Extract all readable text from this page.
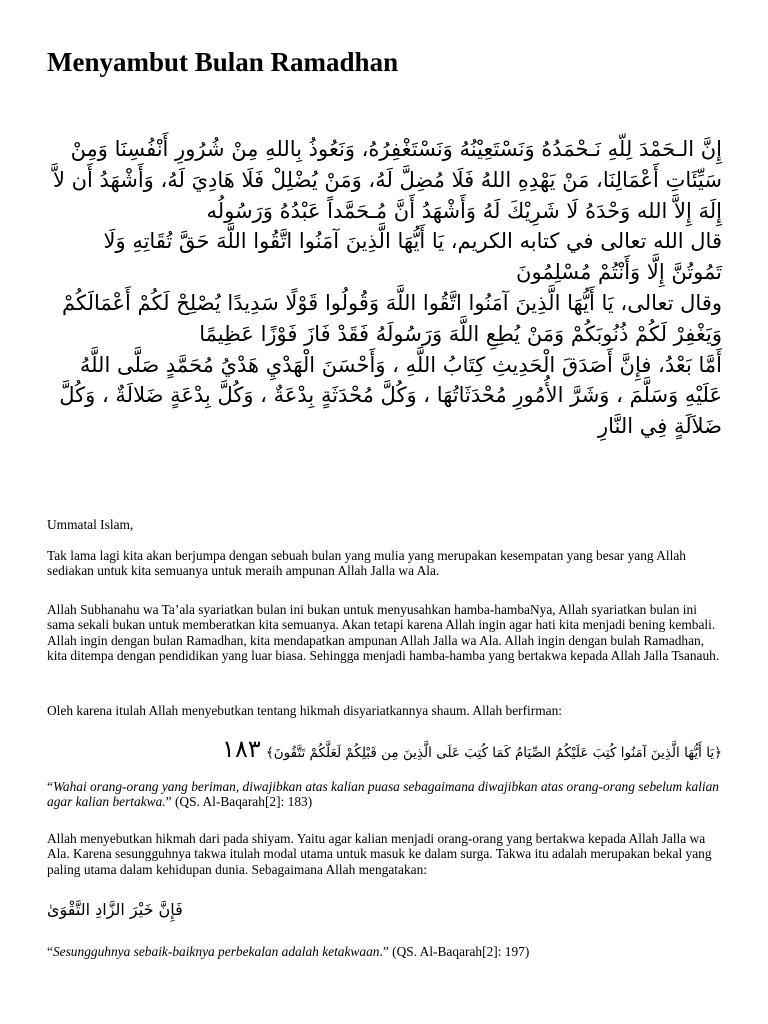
Menyambut Bulan Ramadhan

إِنَّ الـحَمْدَ لِلّهِ نَـحْمَدُهُ وَنَسْتَعِيْنُهُ وَنَسْتَغْفِرُهُ، وَنَعُوذُ بِاللهِ مِنْ شُرُورِ أَنْفُسِنَا وَمِنْ سَيِّئَاتِ أَعْمَالِنَا، مَنْ يَهْدِهِ اللهُ فَلَا مُضِلَّ لَهُ، وَمَنْ يُضْلِلْ فَلَا هَادِيَ لَهُ، وَأَشْهَدُ أَن لاَّ إِلَهَ إِلاَّ الله وَحْدَهُ لَا شَرِيْكَ لَهُ وَأَشْهَدُ أَنَّ مُـحَمَّداً عَبْدُهُ وَرَسُولُه

قال الله تعالى في كتابه الكريم، يَا أَيُّهَا الَّذِينَ آمَنُوا اتَّقُوا اللَّهَ حَقَّ تُقَاتِهِ وَلَا تَمُوتُنَّ إِلَّا وَأَنْتُمْ مُسْلِمُونَ

وقال تعالى، يَا أَيُّهَا الَّذِينَ آمَنُوا اتَّقُوا اللَّهَ وَقُولُوا قَوْلًا سَدِيدًا يُصْلِحْ لَكُمْ أَعْمَالَكُمْ وَيَغْفِرْ لَكُمْ ذُنُوبَكُمْ وَمَنْ يُطِعِ اللَّهَ وَرَسُولَهُ فَقَدْ فَازَ فَوْزًا عَظِيمًا

أَمَّا بَعْدُ، فإِنَّ أَصَدَقَ الْحَدِيثِ كِتَابُ اللَّهِ ، وَأَحْسَنَ الْهَدْيِ هَدْيُ مُحَمَّدٍ صَلَّى اللَّهُ عَلَيْهِ وَسَلَّمَ ، وَشَرَّ الأُمُورِ مُحْدَثَاتُهَا ، وَكُلَّ مُحْدَثَةٍ بِدْعَةٌ ، وَكُلَّ بِدْعَةٍ ضَلالَةٌ ، وَكُلَّ ضَلاَلَةٍ فِي النَّارِ

Ummatal Islam,

Tak lama lagi kita akan berjumpa dengan sebuah bulan yang mulia yang merupakan kesempatan yang besar yang Allah sediakan untuk kita semuanya untuk meraih ampunan Allah Jalla wa Ala.

Allah Subhanahu wa Ta’ala syariatkan bulan ini bukan untuk menyusahkan hamba-hambaNya, Allah syariatkan bulan ini sama sekali bukan untuk memberatkan kita semuanya. Akan tetapi karena Allah ingin agar hati kita menjadi bening kembali. Allah ingin dengan bulan Ramadhan, kita mendapatkan ampunan Allah Jalla wa Ala. Allah ingin dengan bulah Ramadhan, kita ditempa dengan pendidikan yang luar biasa. Sehingga menjadi hamba-hamba yang bertakwa kepada Allah Jalla Tsanauh.

Oleh karena itulah Allah menyebutkan tentang hikmah disyariatkannya shaum. Allah berfirman:

﴿يَا أَيُّهَا الَّذِينَ آمَنُوا كُتِبَ عَلَيْكُمُ الصِّيَامُ كَمَا كُتِبَ عَلَى الَّذِينَ مِن قَبْلِكُمْ لَعَلَّكُمْ تَتَّقُونَ﴾ ١٨٣

“Wahai orang-orang yang beriman, diwajibkan atas kalian puasa sebagaimana diwajibkan atas orang-orang sebelum kalian agar kalian bertakwa.” (QS. Al-Baqarah[2]: 183)

Allah menyebutkan hikmah dari pada shiyam. Yaitu agar kalian menjadi orang-orang yang bertakwa kepada Allah Jalla wa Ala. Karena sesungguhnya takwa itulah modal utama untuk masuk ke dalam surga. Takwa itu adalah merupakan bekal yang paling utama dalam kehidupan dunia. Sebagaimana Allah mengatakan:

فَإِنَّ خَيْرَ الزَّادِ التَّقْوَىٰ

“Sesungguhnya sebaik-baiknya perbekalan adalah ketakwaan.” (QS. Al-Baqarah[2]: 197)
